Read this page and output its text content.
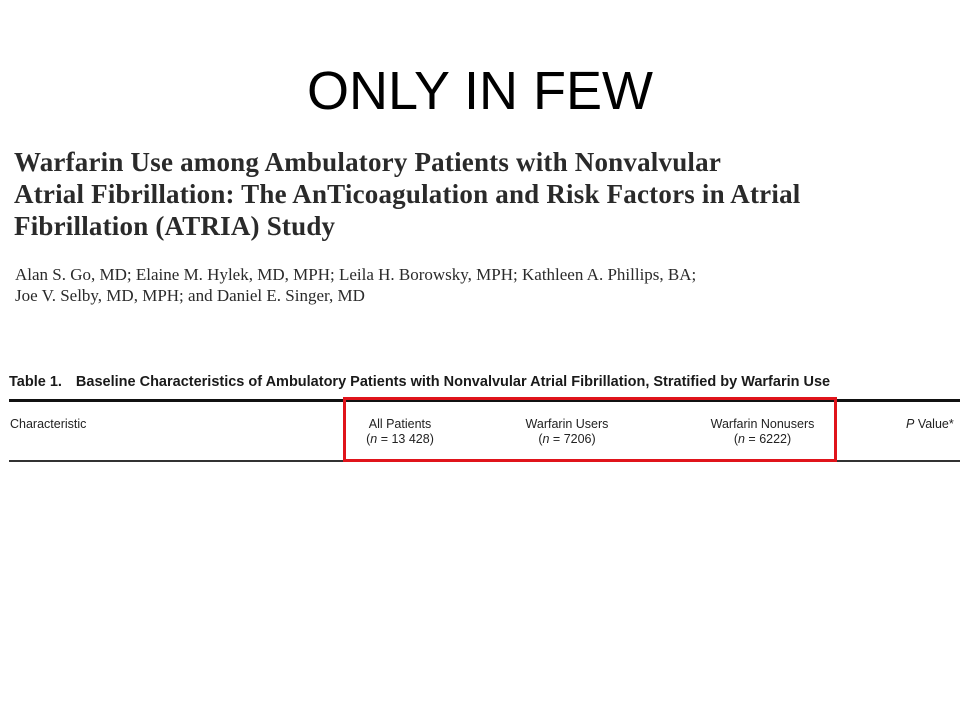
ONLY IN FEW
Warfarin Use among Ambulatory Patients with Nonvalvular
Atrial Fibrillation: The AnTicoagulation and Risk Factors in Atrial
Fibrillation (ATRIA) Study
Alan S. Go, MD; Elaine M. Hylek, MD, MPH; Leila H. Borowsky, MPH; Kathleen A. Phillips, BA;
Joe V. Selby, MD, MPH; and Daniel E. Singer, MD
Table 1. Baseline Characteristics of Ambulatory Patients with Nonvalvular Atrial Fibrillation, Stratified by Warfarin Use
Characteristic	All Patients
(n = 13 428)
Warfarin Users
(n = 7206)
Warfarin Nonusers
(n = 6222)
P Value*
